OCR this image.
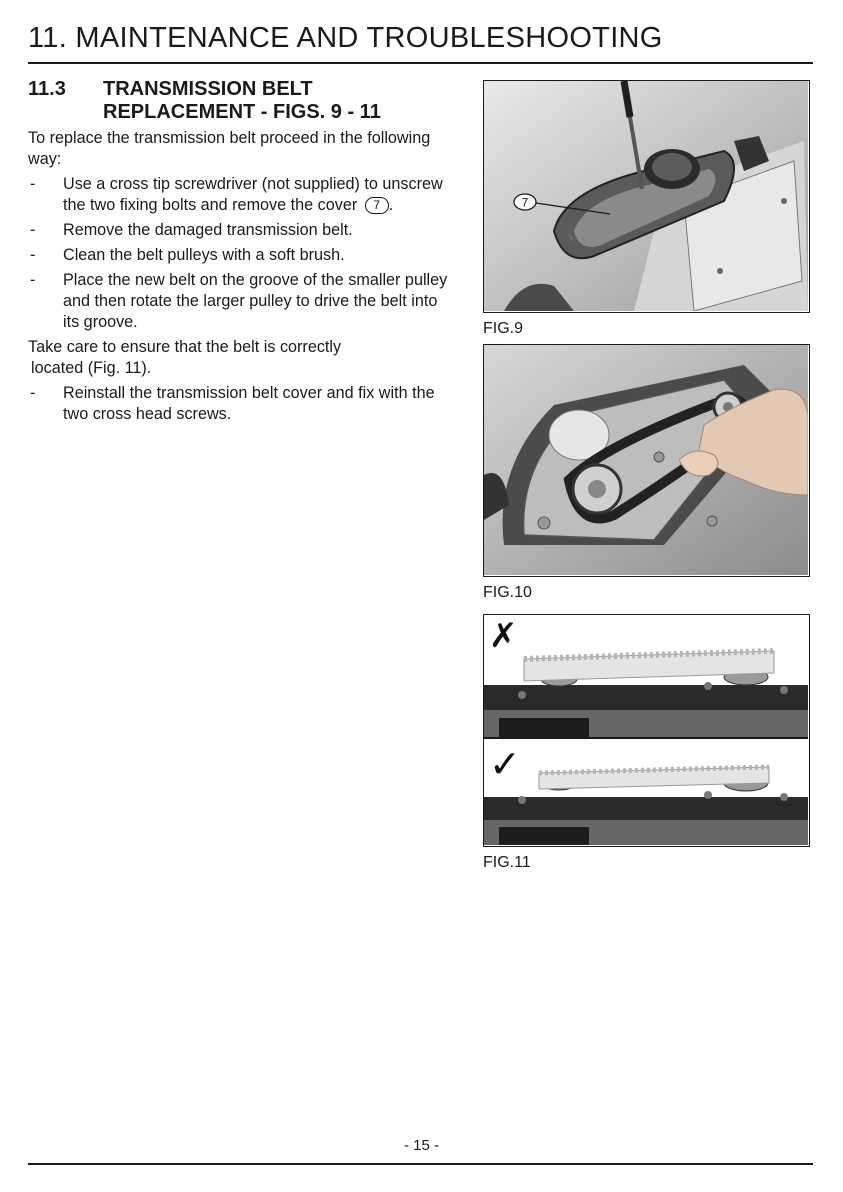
11. MAINTENANCE AND TROUBLESHOOTING
11.3 TRANSMISSION BELT
REPLACEMENT - FIGS. 9 - 11

To replace the transmission belt proceed in the following way:

- Use a cross tip screwdriver (not supplied) to unscrew the two fixing bolts and remove the cover 7 .
- Remove the damaged transmission belt.
- Clean the belt pulleys with a soft brush.
- Place the new belt on the groove of the smaller pulley and then rotate the larger pulley to drive the belt into its groove.

Take care to ensure that the belt is correctly

located (Fig. 11).

- Reinstall the transmission belt cover and fix with the two cross head screws.
7
FIG.9
FIG.10
✗
✓
FIG.11
- 15 -
